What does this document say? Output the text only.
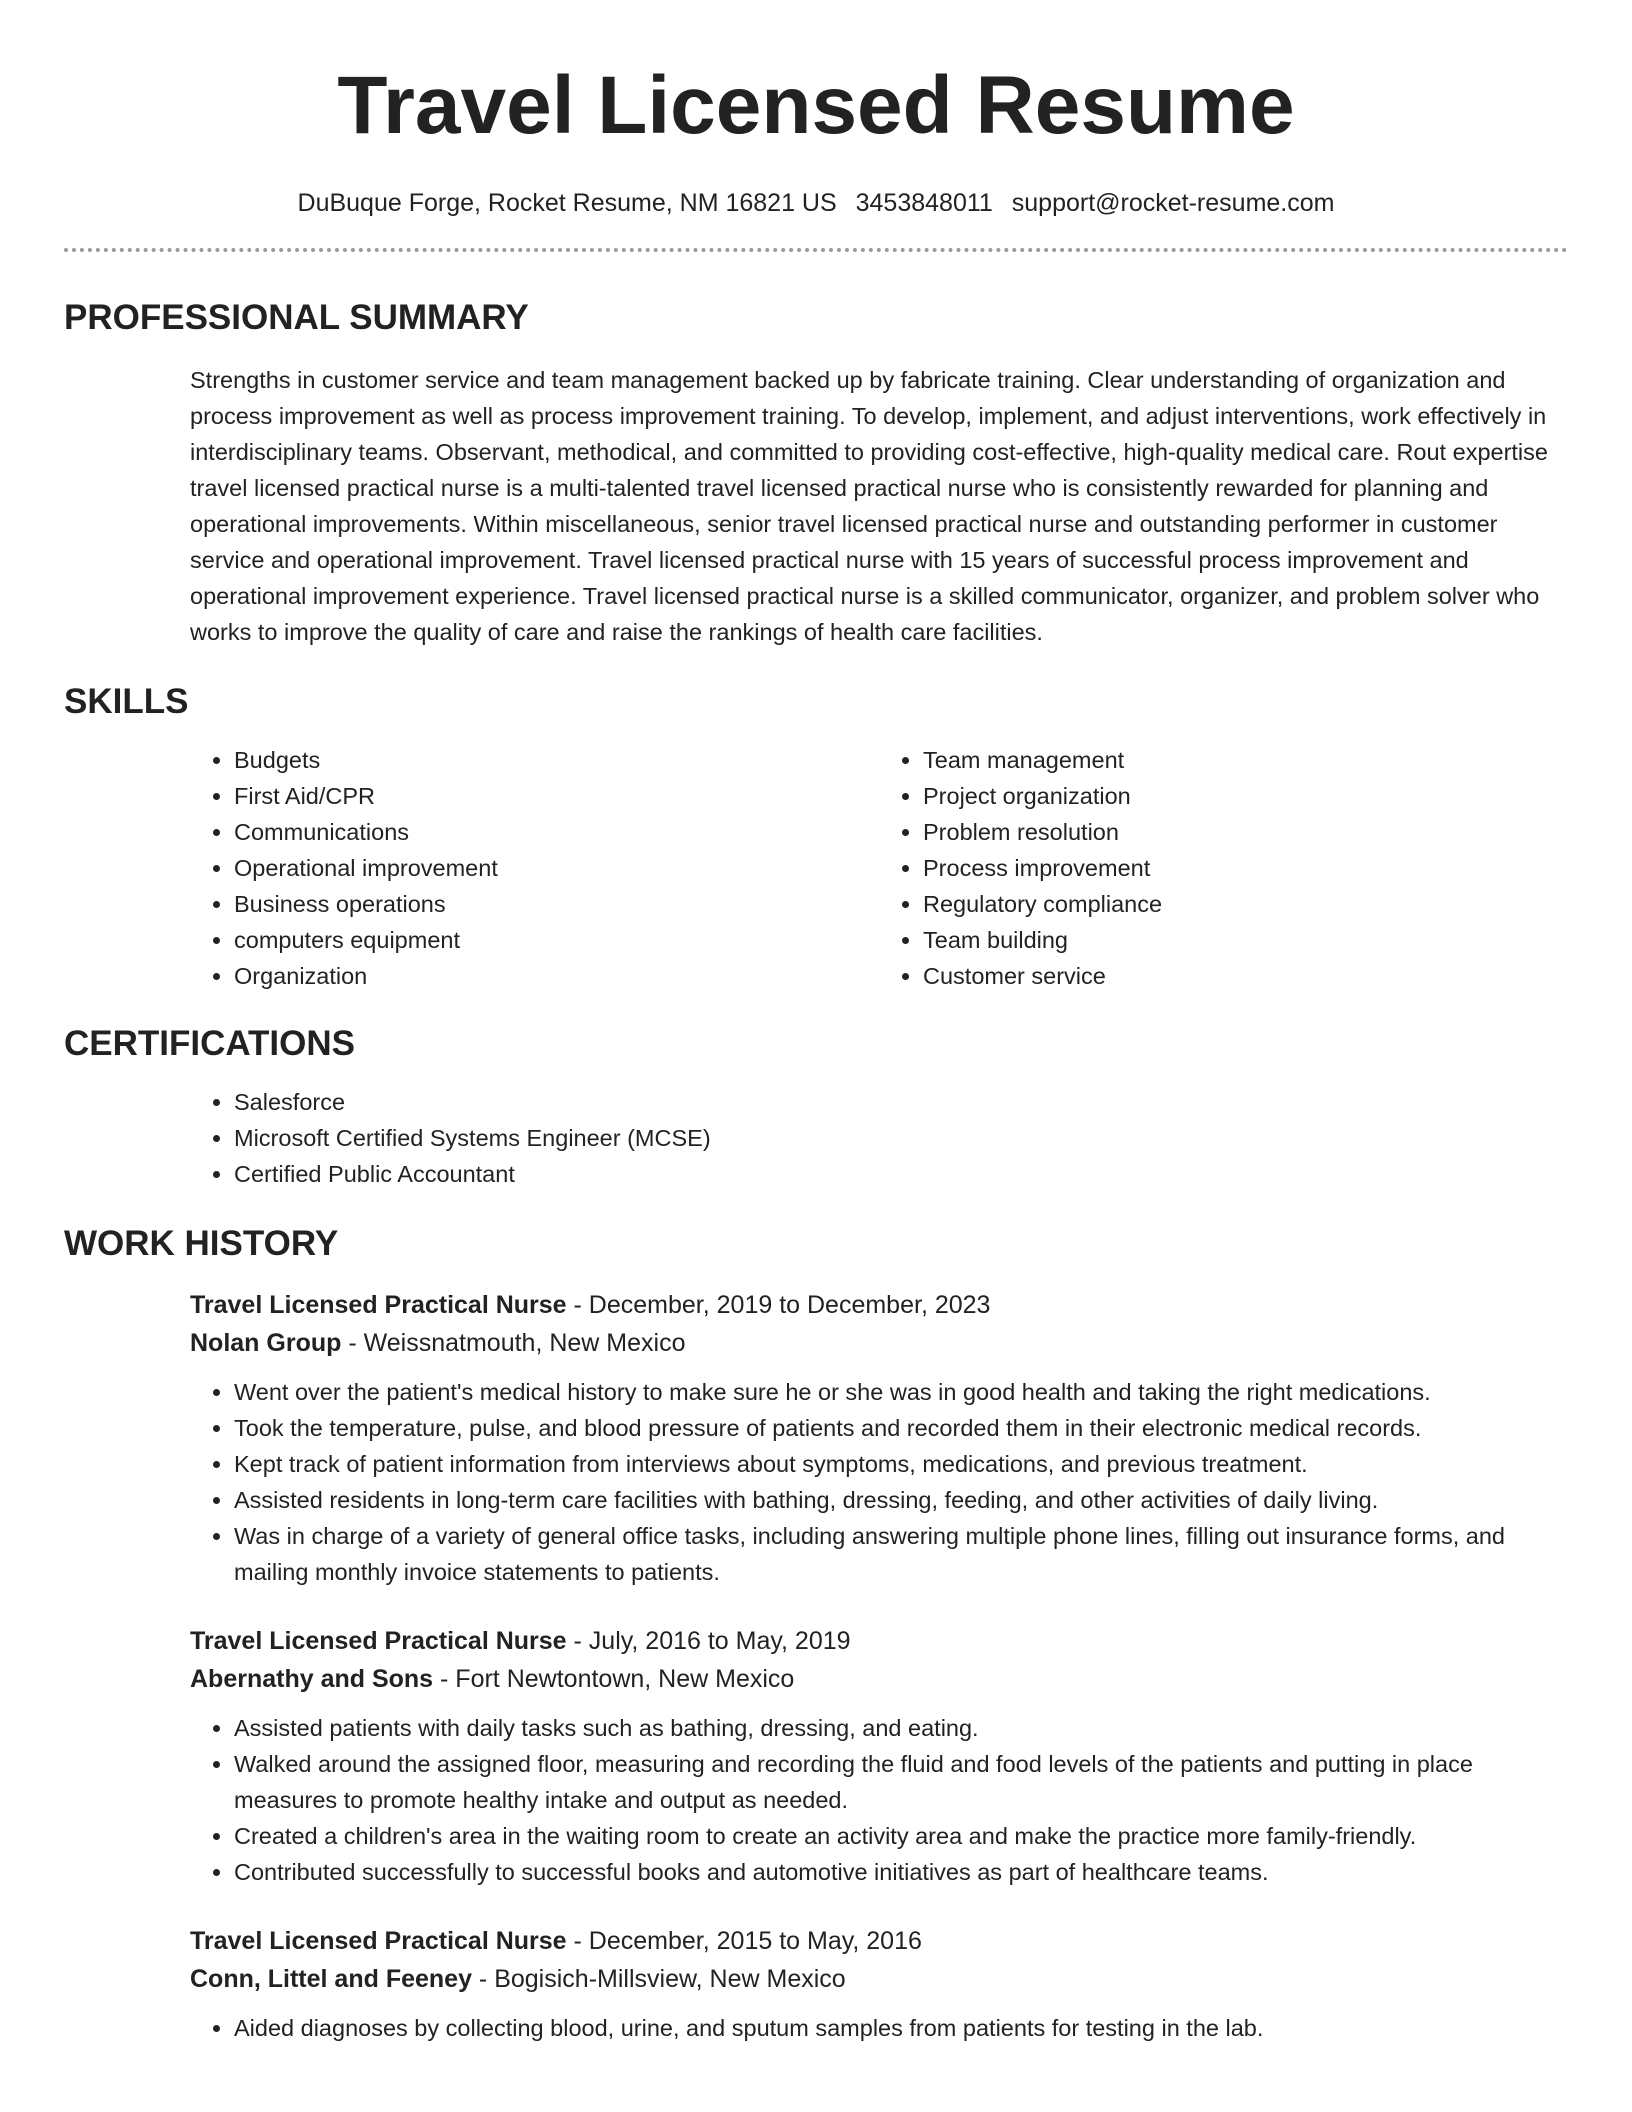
Travel Licensed Resume
DuBuque Forge, Rocket Resume, NM 16821 US 3453848011 support@rocket-resume.com
PROFESSIONAL SUMMARY

Strengths in customer service and team management backed up by fabricate training. Clear understanding of organization and process improvement as well as process improvement training. To develop, implement, and adjust interventions, work effectively in interdisciplinary teams. Observant, methodical, and committed to providing cost-effective, high-quality medical care. Rout expertise travel licensed practical nurse is a multi-talented travel licensed practical nurse who is consistently rewarded for planning and operational improvements. Within miscellaneous, senior travel licensed practical nurse and outstanding performer in customer service and operational improvement. Travel licensed practical nurse with 15 years of successful process improvement and operational improvement experience. Travel licensed practical nurse is a skilled communicator, organizer, and problem solver who works to improve the quality of care and raise the rankings of health care facilities.

SKILLS
• Budgets
• First Aid/CPR
• Communications
• Operational improvement
• Business operations
• computers equipment
• Organization
• Team management
• Project organization
• Problem resolution
• Process improvement
• Regulatory compliance
• Team building
• Customer service
CERTIFICATIONS
• Salesforce
• Microsoft Certified Systems Engineer (MCSE)
• Certified Public Accountant
WORK HISTORY
Travel Licensed Practical Nurse - December, 2019 to December, 2023
Nolan Group - Weissnatmouth, New Mexico
• Went over the patient's medical history to make sure he or she was in good health and taking the right medications.
• Took the temperature, pulse, and blood pressure of patients and recorded them in their electronic medical records.
• Kept track of patient information from interviews about symptoms, medications, and previous treatment.
• Assisted residents in long-term care facilities with bathing, dressing, feeding, and other activities of daily living.
• Was in charge of a variety of general office tasks, including answering multiple phone lines, filling out insurance forms, and mailing monthly invoice statements to patients.
Travel Licensed Practical Nurse - July, 2016 to May, 2019
Abernathy and Sons - Fort Newtontown, New Mexico
• Assisted patients with daily tasks such as bathing, dressing, and eating.
• Walked around the assigned floor, measuring and recording the fluid and food levels of the patients and putting in place measures to promote healthy intake and output as needed.
• Created a children's area in the waiting room to create an activity area and make the practice more family-friendly.
• Contributed successfully to successful books and automotive initiatives as part of healthcare teams.
Travel Licensed Practical Nurse - December, 2015 to May, 2016
Conn, Littel and Feeney - Bogisich-Millsview, New Mexico
• Aided diagnoses by collecting blood, urine, and sputum samples from patients for testing in the lab.
